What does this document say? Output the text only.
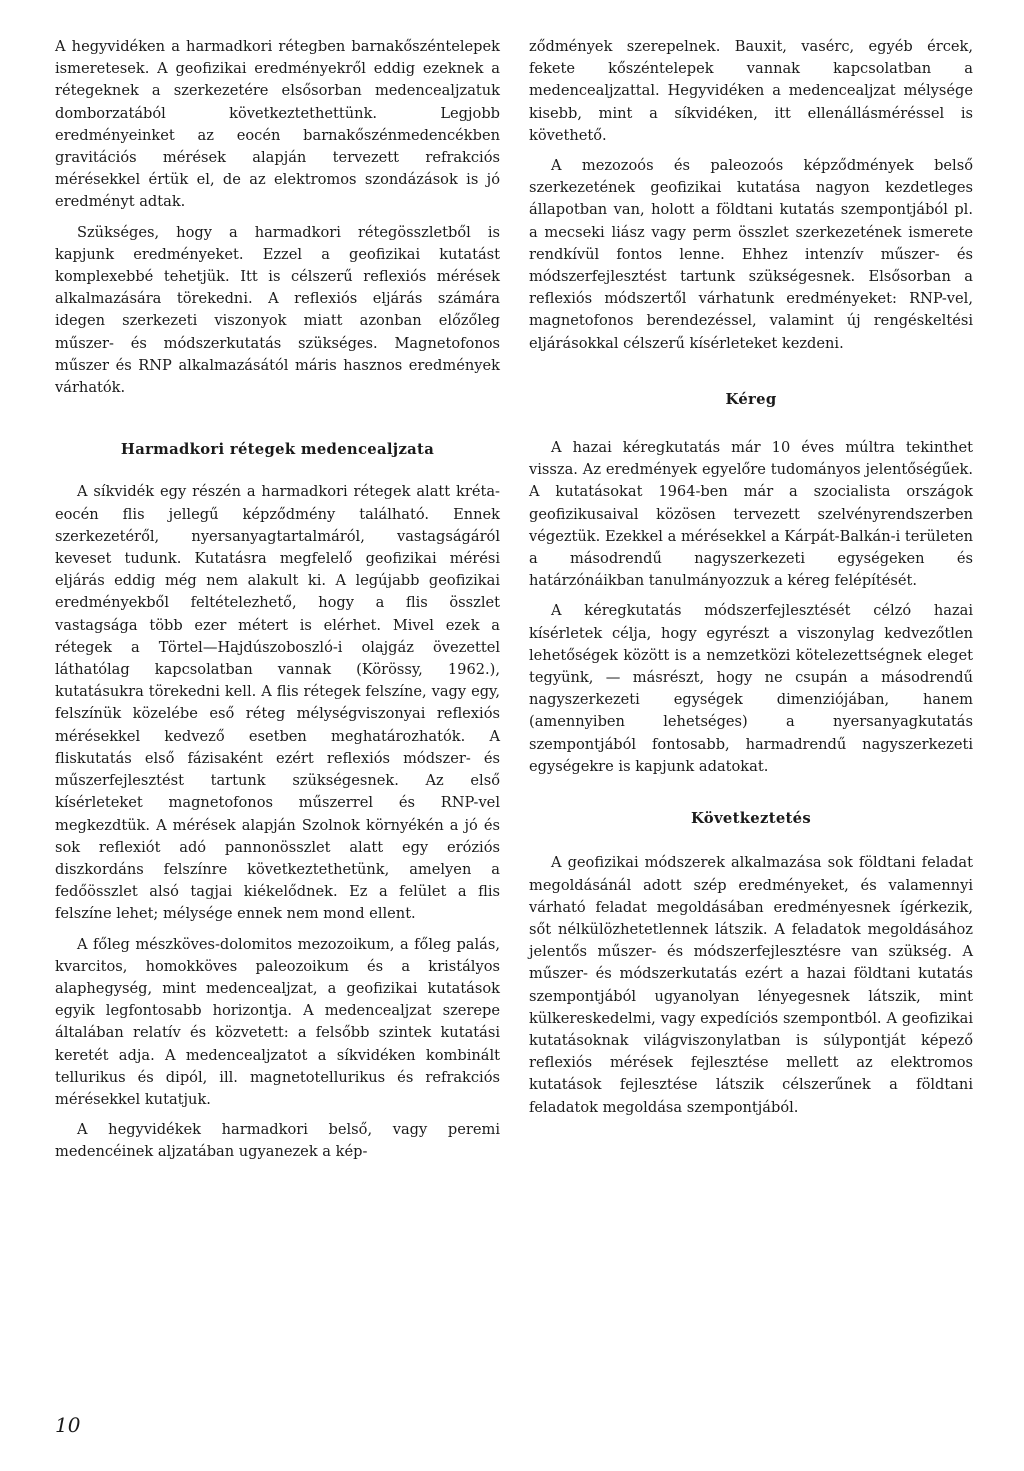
A hegyvidéken a harmadkori rétegben barnakőszéntelepek ismeretesek. A geofizikai eredményekről eddig ezeknek a rétegeknek a szerkezetére elsősorban medencealjzatuk domborzatából következtethettünk. Legjobb eredményeinket az eocén barnakőszénmedencékben gravitációs mérések alapján tervezett refrakciós mérésekkel értük el, de az elektromos szondázások is jó eredményt adtak.

Szükséges, hogy a harmadkori rétegösszletből is kapjunk eredményeket. Ezzel a geofizikai kutatást komplexebbé tehetjük. Itt is célszerű reflexiós mérések alkalmazására törekedni. A reflexiós eljárás számára idegen szerkezeti viszonyok miatt azonban előzőleg műszer- és módszerkutatás szükséges. Magnetofonos műszer és RNP alkalmazásától máris hasznos eredmények várhatók.

Harmadkori rétegek medencealjzata

A síkvidék egy részén a harmadkori rétegek alatt kréta-eocén flis jellegű képződmény található. Ennek szerkezetéről, nyersanyagtartalmáról, vastagságáról keveset tudunk. Kutatásra megfelelő geofizikai mérési eljárás eddig még nem alakult ki. A legújabb geofizikai eredményekből feltételezhető, hogy a flis összlet vastagsága több ezer métert is elérhet. Mivel ezek a rétegek a Törtel—Hajdúszoboszló-i olajgáz övezettel láthatólag kapcsolatban vannak (Körössy, 1962.), kutatásukra törekedni kell. A flis rétegek felszíne, vagy egy, felszínük közelébe eső réteg mélységviszonyai reflexiós mérésekkel kedvező esetben meghatározhatók. A fliskutatás első fázisaként ezért reflexiós módszer- és műszerfejlesztést tartunk szükségesnek. Az első kísérleteket magnetofonos műszerrel és RNP-vel megkezdtük. A mérések alapján Szolnok környékén a jó és sok reflexiót adó pannonösszlet alatt egy eróziós diszkordáns felszínre következtethetünk, amelyen a fedőösszlet alsó tagjai kiékelődnek. Ez a felület a flis felszíne lehet; mélysége ennek nem mond ellent.

A főleg mészköves-dolomitos mezozoikum, a főleg palás, kvarcitos, homokköves paleozoikum és a kristályos alaphegység, mint medencealjzat, a geofizikai kutatások egyik legfontosabb horizontja. A medencealjzat szerepe általában relatív és közvetett: a felsőbb szintek kutatási keretét adja. A medencealjzatot a síkvidéken kombinált tellurikus és dipól, ill. magnetotellurikus és refrakciós mérésekkel kutatjuk.

A hegyvidékek harmadkori belső, vagy peremi medencéinek aljzatában ugyanezek a kép-

ződmények szerepelnek. Bauxit, vasérc, egyéb ércek, fekete kőszéntelepek vannak kapcsolatban a medencealjzattal. Hegyvidéken a medencealjzat mélysége kisebb, mint a síkvidéken, itt ellenállásméréssel is követhető.

A mezozoós és paleozoós képződmények belső szerkezetének geofizikai kutatása nagyon kezdetleges állapotban van, holott a földtani kutatás szempontjából pl. a mecseki liász vagy perm összlet szerkezetének ismerete rendkívül fontos lenne. Ehhez intenzív műszer- és módszerfejlesztést tartunk szükségesnek. Elsősorban a reflexiós módszertől várhatunk eredményeket: RNP-vel, magnetofonos berendezéssel, valamint új rengéskeltési eljárásokkal célszerű kísérleteket kezdeni.

Kéreg

A hazai kéregkutatás már 10 éves múltra tekinthet vissza. Az eredmények egyelőre tudományos jelentőségűek. A kutatásokat 1964-ben már a szocialista országok geofizikusaival közösen tervezett szelvényrendszerben végeztük. Ezekkel a mérésekkel a Kárpát-Balkán-i területen a másodrendű nagyszerkezeti egységeken és határzónáikban tanulmányozzuk a kéreg felépítését.

A kéregkutatás módszerfejlesztését célzó hazai kísérletek célja, hogy egyrészt a viszonylag kedvezőtlen lehetőségek között is a nemzetközi kötelezettségnek eleget tegyünk, — másrészt, hogy ne csupán a másodrendű nagyszerkezeti egységek dimenziójában, hanem (amennyiben lehetséges) a nyersanyagkutatás szempontjából fontosabb, harmadrendű nagyszerkezeti egységekre is kapjunk adatokat.

Következtetés

A geofizikai módszerek alkalmazása sok földtani feladat megoldásánál adott szép eredményeket, és valamennyi várható feladat megoldásában eredményesnek ígérkezik, sőt nélkülözhetetlennek látszik. A feladatok megoldásához jelentős műszer- és módszerfejlesztésre van szükség. A műszer- és módszerkutatás ezért a hazai földtani kutatás szempontjából ugyanolyan lényegesnek látszik, mint külkereskedelmi, vagy expedíciós szempontból. A geofizikai kutatásoknak világviszonylatban is súlypontját képező reflexiós mérések fejlesztése mellett az elektromos kutatások fejlesztése látszik célszerűnek a földtani feladatok megoldása szempontjából.

10
